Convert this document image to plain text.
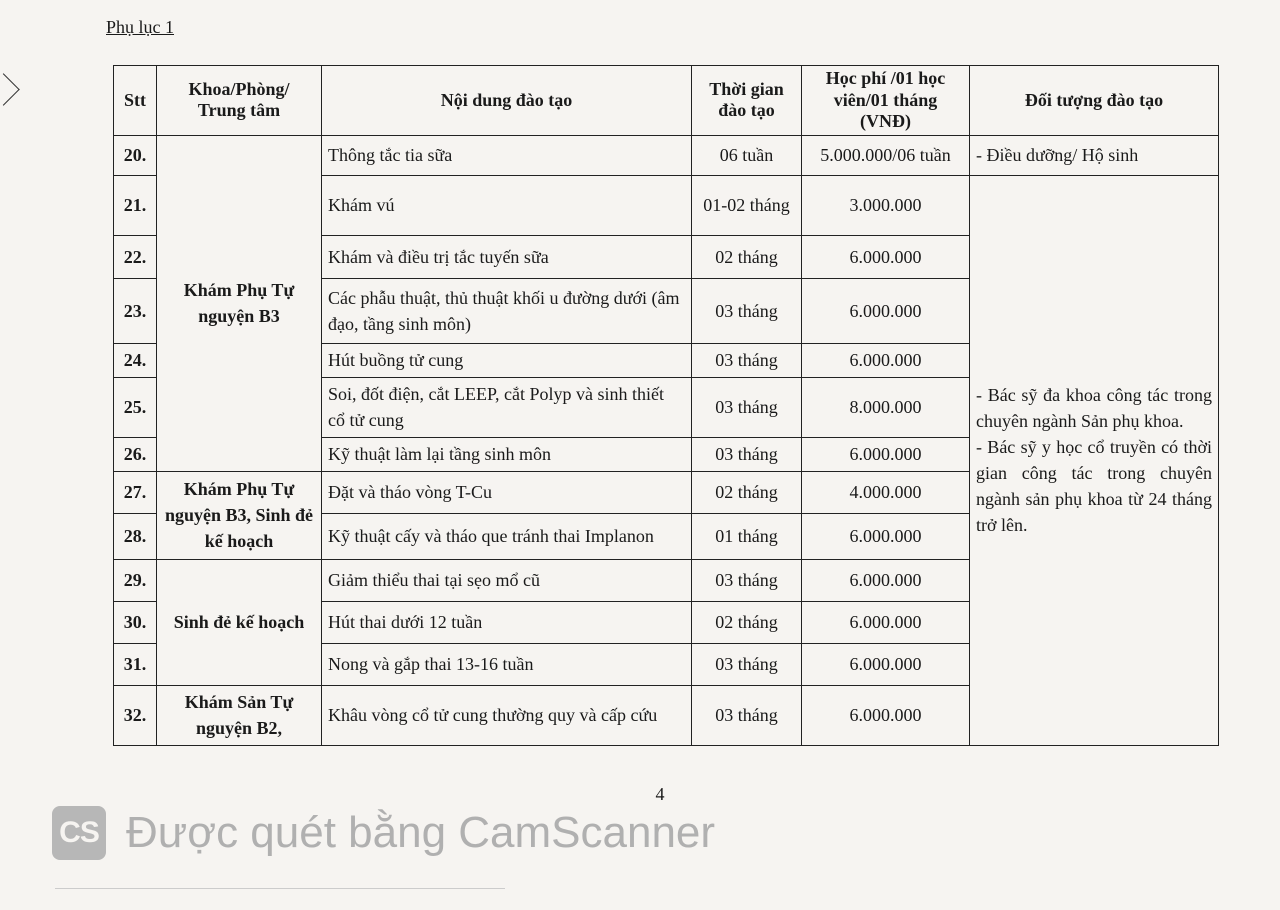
Phụ lục 1
Stt	Khoa/Phòng/ Trung tâm	Nội dung đào tạo	Thời gian đào tạo	Học phí /01 học viên/01 tháng (VNĐ)	Đối tượng đào tạo
20.	Khám Phụ Tự nguyện B3	Thông tắc tia sữa	06 tuần	5.000.000/06 tuần	- Điều dưỡng/ Hộ sinh
21.		Khám vú	01-02 tháng	3.000.000	- Bác sỹ đa khoa công tác trong chuyên ngành Sản phụ khoa.
- Bác sỹ y học cổ truyền có thời gian công tác trong chuyên ngành sản phụ khoa từ 24 tháng trở lên.

22.		Khám và điều trị tắc tuyến sữa	02 tháng	6.000.000	
23.		Các phẫu thuật, thủ thuật khối u đường dưới (âm đạo, tầng sinh môn)	03 tháng	6.000.000	
24.		Hút buồng tử cung	03 tháng	6.000.000	
25.		Soi, đốt điện, cắt LEEP, cắt Polyp và sinh thiết cổ tử cung	03 tháng	8.000.000	
26.		Kỹ thuật làm lại tầng sinh môn	03 tháng	6.000.000	
27.	Khám Phụ Tự nguyện B3, Sinh đẻ kế hoạch	Đặt và tháo vòng T-Cu	02 tháng	4.000.000	
28.		Kỹ thuật cấy và tháo que tránh thai Implanon	01 tháng	6.000.000	
29.	Sinh đẻ kế hoạch	Giảm thiểu thai tại sẹo mổ cũ	03 tháng	6.000.000	
30.		Hút thai dưới 12 tuần	02 tháng	6.000.000	
31.		Nong và gắp thai 13-16 tuần	03 tháng	6.000.000	
32.	Khám Sản Tự nguyện B2,	Khâu vòng cổ tử cung thường quy và cấp cứu	03 tháng	6.000.000	
4
CS Được quét bằng CamScanner
